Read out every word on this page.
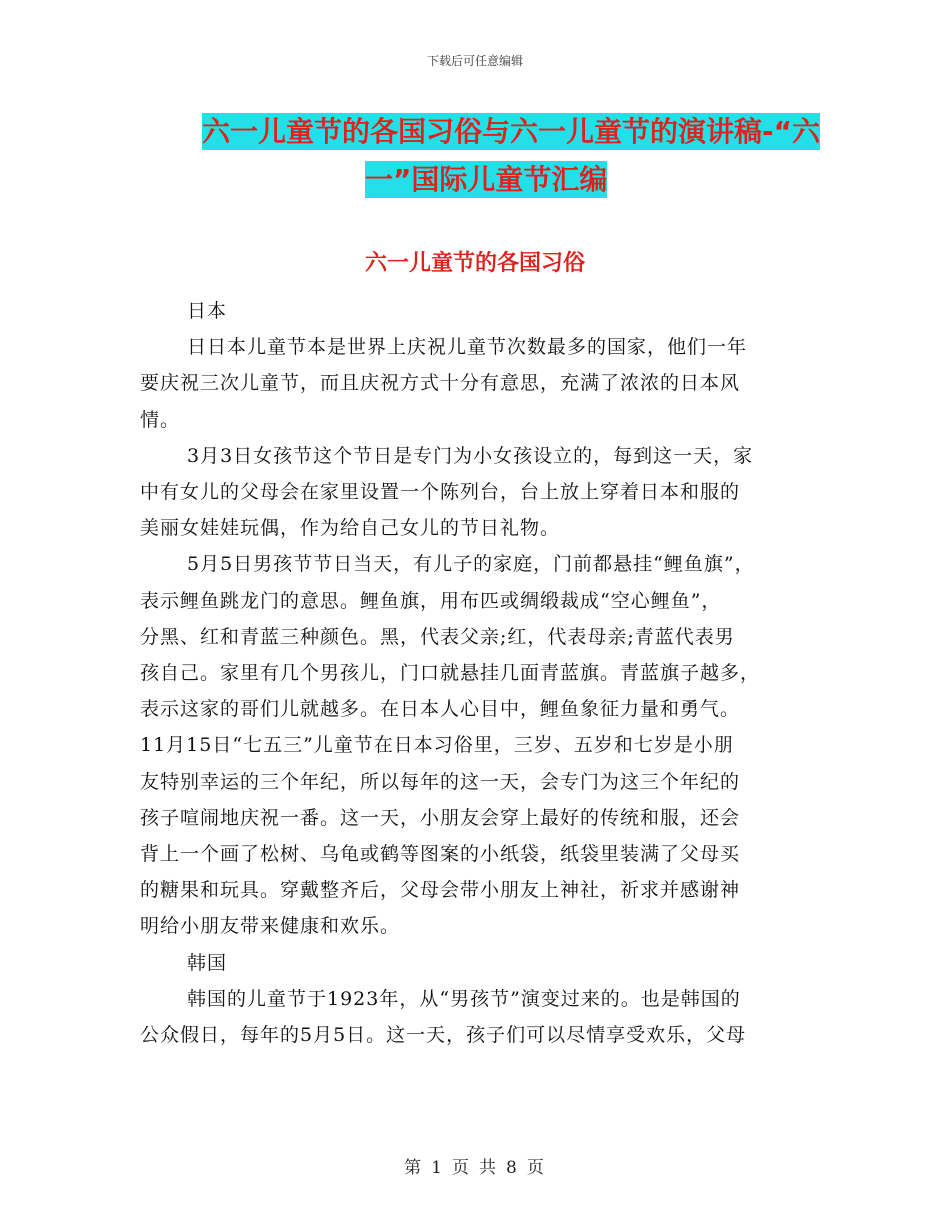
下载后可任意编辑
六一儿童节的各国习俗与六一儿童节的演讲稿-“六
一”国际儿童节汇编
六一儿童节的各国习俗
日本
日日本儿童节本是世界上庆祝儿童节次数最多的国家，他们一年
要庆祝三次儿童节，而且庆祝方式十分有意思，充满了浓浓的日本风
情。
3月3日女孩节这个节日是专门为小女孩设立的，每到这一天，家
中有女儿的父母会在家里设置一个陈列台，台上放上穿着日本和服的
美丽女娃娃玩偶，作为给自己女儿的节日礼物。
5月5日男孩节节日当天，有儿子的家庭，门前都悬挂“鲤鱼旗”，
表示鲤鱼跳龙门的意思。鲤鱼旗，用布匹或绸缎裁成“空心鲤鱼”，
分黑、红和青蓝三种颜色。黑，代表父亲;红，代表母亲;青蓝代表男
孩自己。家里有几个男孩儿，门口就悬挂几面青蓝旗。青蓝旗子越多，
表示这家的哥们儿就越多。在日本人心目中，鲤鱼象征力量和勇气。
11月15日“七五三”儿童节在日本习俗里，三岁、五岁和七岁是小朋
友特别幸运的三个年纪，所以每年的这一天，会专门为这三个年纪的
孩子喧闹地庆祝一番。这一天，小朋友会穿上最好的传统和服，还会
背上一个画了松树、乌龟或鹤等图案的小纸袋，纸袋里装满了父母买
的糖果和玩具。穿戴整齐后，父母会带小朋友上神社，祈求并感谢神
明给小朋友带来健康和欢乐。
韩国
韩国的儿童节于1923年，从“男孩节”演变过来的。也是韩国的
公众假日，每年的5月5日。这一天，孩子们可以尽情享受欢乐，父母
第 1 页 共 8 页
